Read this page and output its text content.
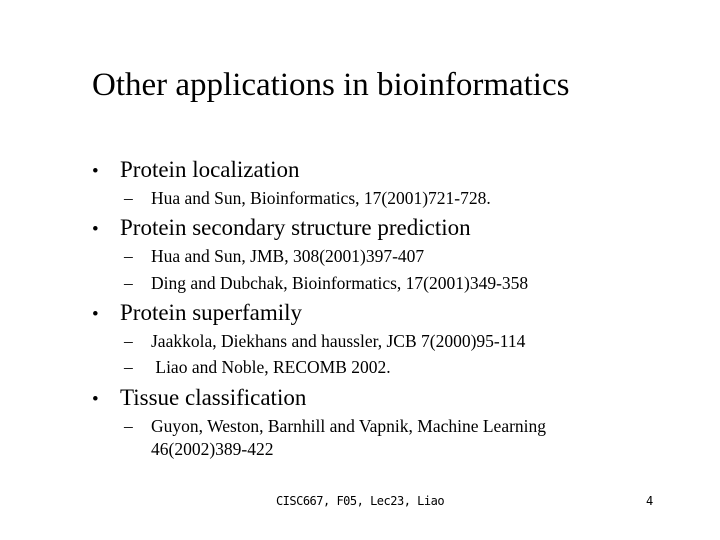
Other applications in bioinformatics
• Protein localization
– Hua and Sun, Bioinformatics, 17(2001)721-728.
• Protein secondary structure prediction
– Hua and Sun, JMB, 308(2001)397-407
– Ding and Dubchak, Bioinformatics, 17(2001)349-358
• Protein superfamily
– Jaakkola, Diekhans and haussler, JCB 7(2000)95-114
– Liao and Noble, RECOMB 2002.
• Tissue classification
– Guyon, Weston, Barnhill and Vapnik, Machine Learning
46(2002)389-422
CISC667, F05, Lec23, Liao	4
